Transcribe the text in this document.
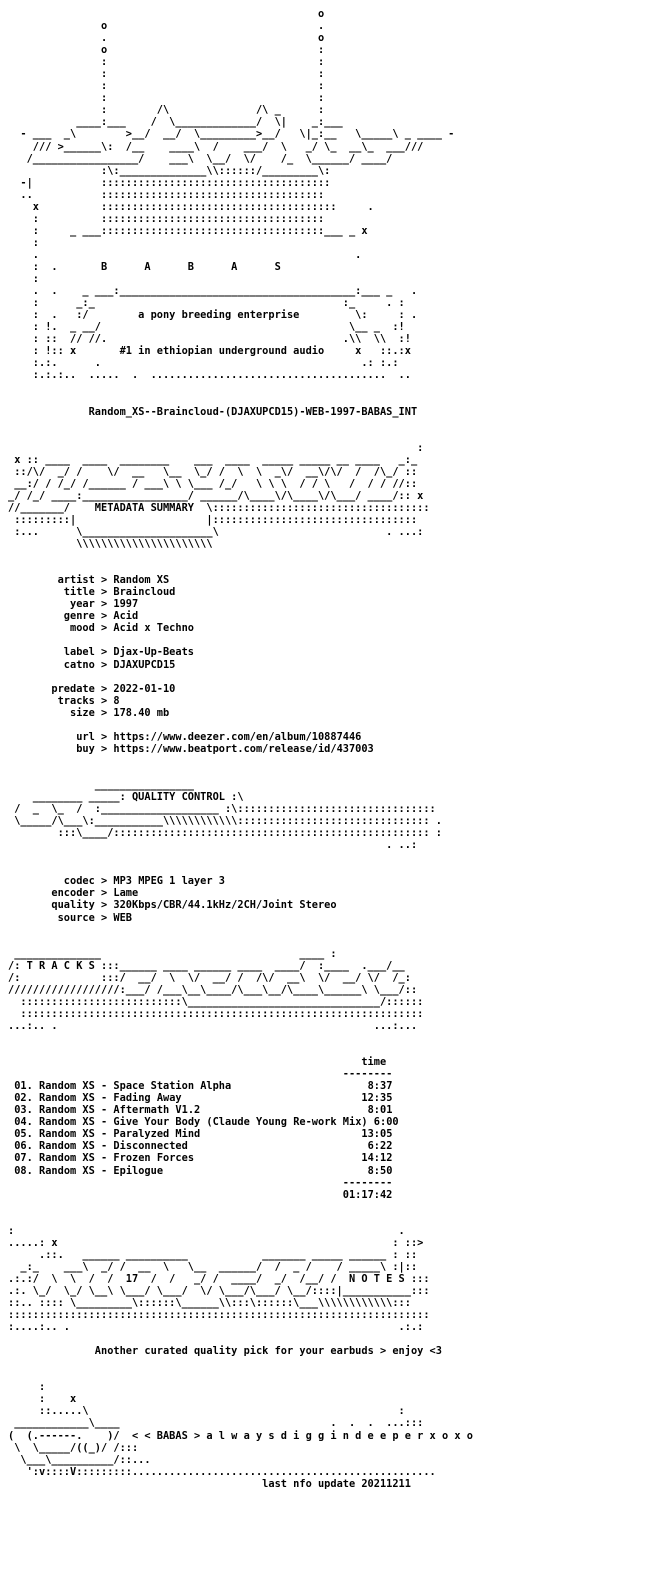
o
o                                  .
.                                  o
o                                  :
:                                  :
:                                  :
:                                  :
:                                  :
:        /\              /\ _      :
____:___    /  \_____________/  \|    _:___
- ___  _\        >__/  __/  \_________>__/   \|_:__   \_____\ _ ____ -
/// >______\:  /__    ____\  /    ___/  \   _/ \_  __\_  ___///
/_________________/    ___\  \__/  \/    /_  \______/ ____/
:\:______________\\::::::/_________\:
-|           :::::::::::::::::::::::::::::::::::::
..           ::::::::::::::::::::::::::::::::::::
x          ::::::::::::::::::::::::::::::::::::::     .
:          ::::::::::::::::::::::::::::::::::::
:     _ ___::::::::::::::::::::::::::::::::::::___ _ x
:
.                                                   .
:  .       B      A      B      A      S
:
.  .    _ ___:______________________________________:___ _   .
:      _:_                                        :_     . :
:  .   :/        a pony breeding enterprise         \:     : .
: !.  _ __/                                        \__ _  :!
: ::  // //.                                      .\\  \\  :!
: !:: x       #1 in ethiopian underground audio     x   ::.:x
:.:.      .                                          .: :.:
:.:.:..  .....  .  ......................................  ..

Random_XS--Braincloud-(DJAXUPCD15)-WEB-1997-BABAS_INT

:
x :: ____  ____  ________    ___  ____  _____ _____ __ ____   _:_
::/\/  _/ /    \/  __   \__  \_/ /  \  \  _\/  __\/\/  /  /\_/ ::
__:/ / /_/ /______ / ___\ \ \___ /_/   \ \ \  / / \   /  / / //::
_/ /_/ ____:_________________/ ______/\____\/\____\/\___/ ____/:: x
//_______/    METADATA SUMMARY  \:::::::::::::::::::::::::::::::::::
:::::::::|                     |:::::::::::::::::::::::::::::::::
:...      \_____________________\                           . ...:
\\\\\\\\\\\\\\\\\\\\\\

artist > Random XS
title > Braincloud
year > 1997
genre > Acid
mood > Acid x Techno

label > Djax-Up-Beats
catno > DJAXUPCD15

predate > 2022-01-10
tracks > 8
size > 178.40 mb

url > https://www.deezer.com/en/album/10887446
buy > https://www.beatport.com/release/id/437003

________________
________ _____: QUALITY CONTROL :\
/  _  \_  /  :___________________ :\::::::::::::::::::::::::::::::::
\_____/\___\:___________\\\\\\\\\\\\::::::::::::::::::::::::::::::: .
:::\____/::::::::::::::::::::::::::::::::::::::::::::::::::: :
. ..:

codec > MP3 MPEG 1 layer 3
encoder > Lame
quality > 320Kbps/CBR/44.1kHz/2CH/Joint Stereo
source > WEB

______________                                ____ :
/: T R A C K S :::______ ____ ______ ____  ____/  :____  .___/__
/:             :::/  __/  \  \/  __/ /  /\/  __\  \/  __/ \/  /_:
//////////////////:___/ /___\__\____/\___\__/\____\______\ \___/::
::::::::::::::::::::::::::\_______________________________/::::::
:::::::::::::::::::::::::::::::::::::::::::::::::::::::::::::::::
...:.. .                                                   ...:...

time
--------
01. Random XS - Space Station Alpha	8:37
02. Random XS - Fading Away	12:35
03. Random XS - Aftermath V1.2	8:01
04. Random XS - Give Your Body (Claude Young Re-work Mix) 6:00
05. Random XS - Paralyzed Mind	13:05
06. Random XS - Disconnected	6:22
07. Random XS - Frozen Forces	14:12
08. Random XS - Epilogue	8:50
--------
01:17:42

:                                                              .
.....: x                                                      : ::>
.::.   ______ __________            _______ _____ ______ : ::
_:_    ___\  _/ /  __  \   \__  ______/  /  _ /    / _____\ :|::
.:.:/  \  \  /  /  17  /  /   _/ /  ____/  _/  /__/ /  N O T E S :::
.:. \_/  \_/ \__\ \___/ \___/  \/ \___/\___/ \__/::::|___________:::
::.. :::: \_________\::::::\______\\:::\::::::\___\\\\\\\\\\\\:::
::::::::::::::::::::::::::::::::::::::::::::::::::::::::::::::::::::
:....:.. .                                                     .:.:

Another curated quality pick for your earbuds > enjoy <3

:
:    x
::.....\                                                  :
____________\____                                  .  .  .  ...:::
(  (.------.    )/  < < BABAS > a l w a y s d i g g i n d e e p e r x o x o
\  \_____/((_)/ /:::
\___\__________/::...
':v::::V:::::::::.................................................
last nfo update 20211211
